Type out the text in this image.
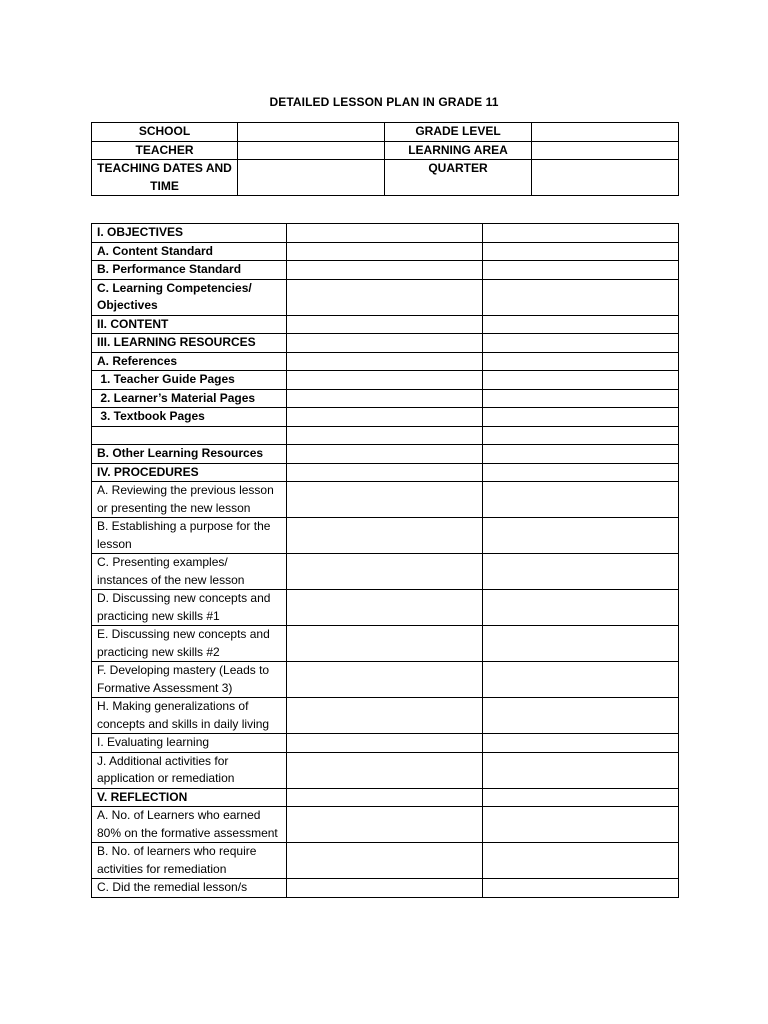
DETAILED LESSON PLAN IN GRADE 11
SCHOOL		GRADE LEVEL	
TEACHER		LEARNING AREA	
TEACHING DATES AND TIME		QUARTER	
I. OBJECTIVES		
A. Content Standard		
B. Performance Standard		
C. Learning Competencies/ Objectives		
II. CONTENT		
III. LEARNING RESOURCES		
A. References		
1. Teacher Guide Pages		
2. Learner’s Material Pages		
3. Textbook Pages		

B. Other Learning Resources		
IV. PROCEDURES		
A. Reviewing the previous lesson or presenting the new lesson		
B. Establishing a purpose for the lesson		
C. Presenting examples/ instances of the new lesson		
D. Discussing new concepts and practicing new skills #1		
E. Discussing new concepts and practicing new skills #2		
F. Developing mastery (Leads to Formative Assessment 3)		
H. Making generalizations of concepts and skills in daily living		
I. Evaluating learning		
J. Additional activities for application or remediation		
V. REFLECTION		
A. No. of Learners who earned 80% on the formative assessment		
B. No. of learners who require activities for remediation		
C. Did the remedial lesson/s		
